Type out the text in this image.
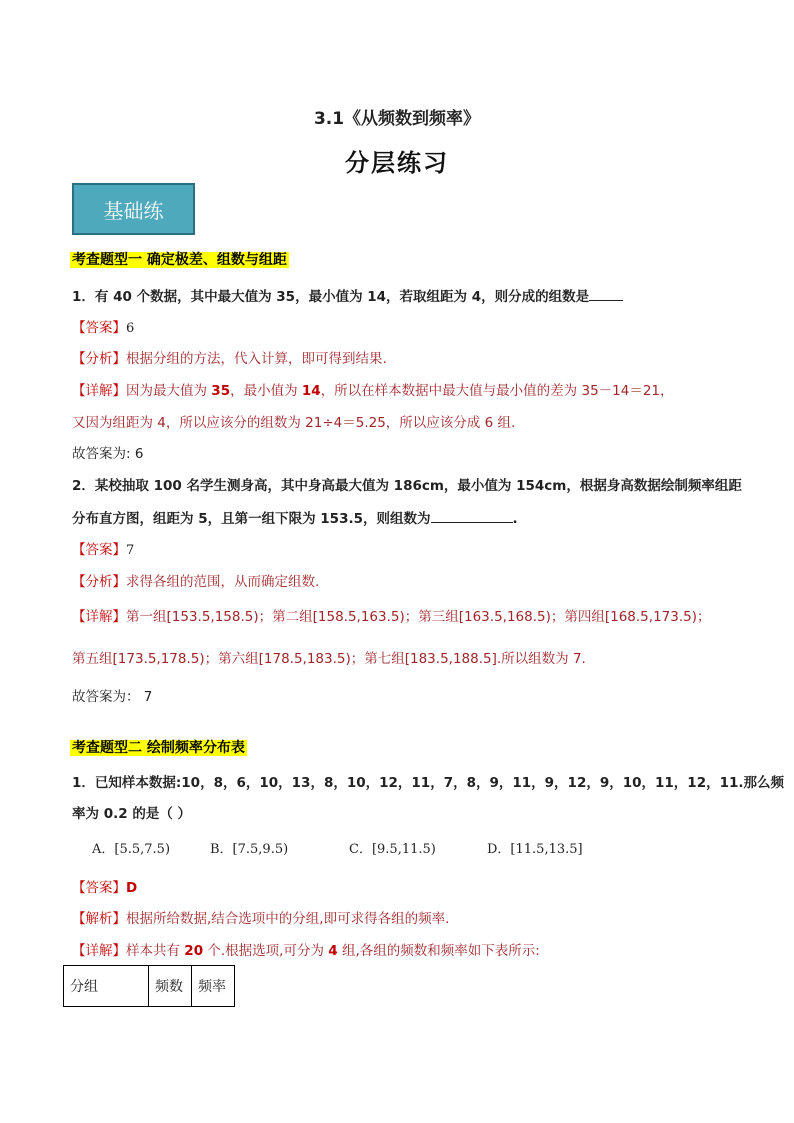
3.1《从频数到频率》
分层练习
基础练
考查题型一 确定极差、组数与组距
1．有 40 个数据，其中最大值为 35，最小值为 14，若取组距为 4，则分成的组数是
【答案】6
【分析】根据分组的方法，代入计算，即可得到结果.
【详解】因为最大值为 35，最小值为 14，所以在样本数据中最大值与最小值的差为 35－14＝21，
又因为组距为 4，所以应该分的组数为 21÷4＝5.25，所以应该分成 6 组.
故答案为: 6
2．某校抽取 100 名学生测身高，其中身高最大值为 186cm，最小值为 154cm，根据身高数据绘制频率组距
分布直方图，组距为 5，且第一组下限为 153.5，则组数为	.
【答案】7
【分析】求得各组的范围，从而确定组数.
【详解】第一组[153.5,158.5)；第二组[158.5,163.5)；第三组[163.5,168.5)；第四组[168.5,173.5)；
第五组[173.5,178.5)；第六组[178.5,183.5)；第七组[183.5,188.5].所以组数为 7.
故答案为： 7
考查题型二 绘制频率分布表
1．已知样本数据:10，8，6，10，13，8，10，12，11，7，8，9，11，9，12，9，10，11，12，11.那么频
率为 0.2 的是（ ）
A．[5.5,7.5)	B．[7.5,9.5)	C．[9.5,11.5)	D．[11.5,13.5]
【答案】D
【解析】根据所给数据,结合选项中的分组,即可求得各组的频率.
【详解】样本共有 20 个.根据选项,可分为 4 组,各组的频数和频率如下表所示:
分组	频数	频率
